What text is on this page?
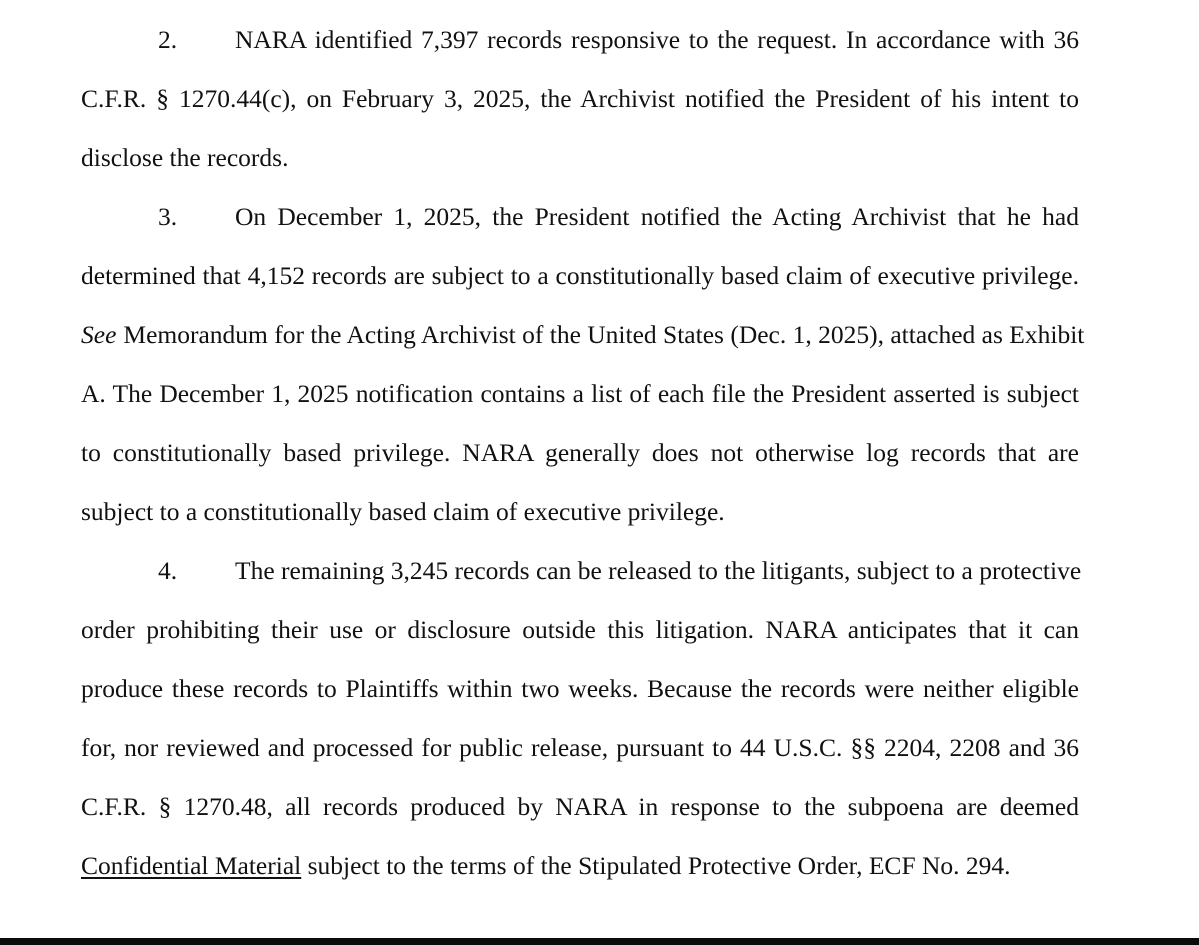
2. NARA identified 7,397 records responsive to the request. In accordance with 36
C.F.R. § 1270.44(c), on February 3, 2025, the Archivist notified the President of his intent to
disclose the records.
3. On December 1, 2025, the President notified the Acting Archivist that he had
determined that 4,152 records are subject to a constitutionally based claim of executive privilege.
See Memorandum for the Acting Archivist of the United States (Dec. 1, 2025), attached as Exhibit
A. The December 1, 2025 notification contains a list of each file the President asserted is subject
to constitutionally based privilege. NARA generally does not otherwise log records that are
subject to a constitutionally based claim of executive privilege.
4. The remaining 3,245 records can be released to the litigants, subject to a protective
order prohibiting their use or disclosure outside this litigation. NARA anticipates that it can
produce these records to Plaintiffs within two weeks. Because the records were neither eligible
for, nor reviewed and processed for public release, pursuant to 44 U.S.C. §§ 2204, 2208 and 36
C.F.R. § 1270.48, all records produced by NARA in response to the subpoena are deemed
Confidential Material subject to the terms of the Stipulated Protective Order, ECF No. 294.
